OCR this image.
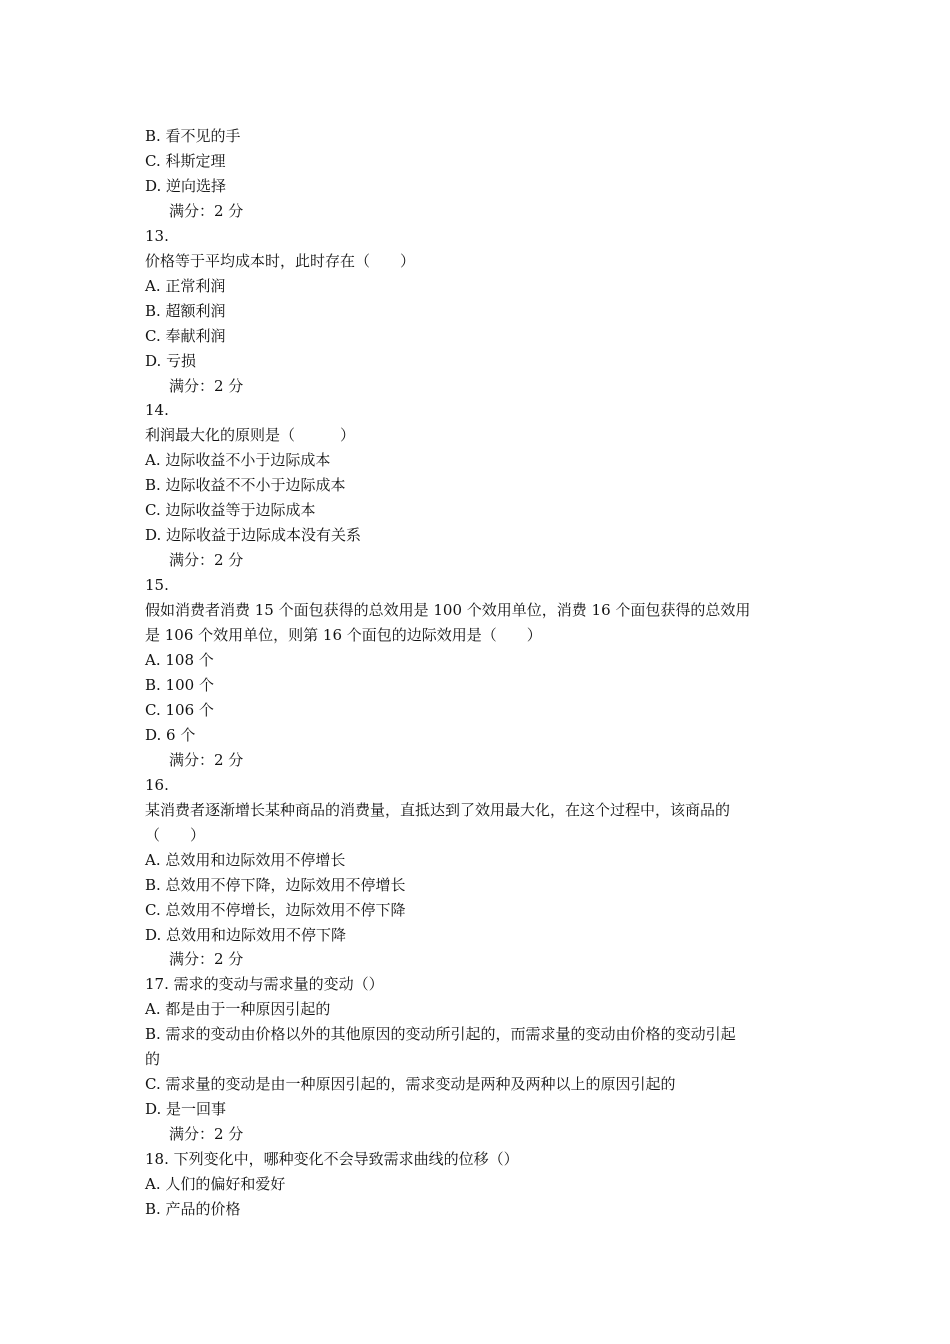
B. 看不见的手
C. 科斯定理
D. 逆向选择
满分：2 分
13.
价格等于平均成本时，此时存在（　　）
A. 正常利润
B. 超额利润
C. 奉献利润
D. 亏损
满分：2 分
14.
利润最大化的原则是（　　　）
A. 边际收益不小于边际成本
B. 边际收益不不小于边际成本
C. 边际收益等于边际成本
D. 边际收益于边际成本没有关系
满分：2 分
15.
假如消费者消费 15 个面包获得的总效用是 100 个效用单位，消费 16 个面包获得的总效用
是 106 个效用单位，则第 16 个面包的边际效用是（　　）
A. 108 个
B. 100 个
C. 106 个
D. 6 个
满分：2 分
16.
某消费者逐渐增长某种商品的消费量，直抵达到了效用最大化，在这个过程中，该商品的
（　　）
A. 总效用和边际效用不停增长
B. 总效用不停下降，边际效用不停增长
C. 总效用不停增长，边际效用不停下降
D. 总效用和边际效用不停下降
满分：2 分
17. 需求的变动与需求量的变动（）
A. 都是由于一种原因引起的
B. 需求的变动由价格以外的其他原因的变动所引起的，而需求量的变动由价格的变动引起
的
C. 需求量的变动是由一种原因引起的，需求变动是两种及两种以上的原因引起的
D. 是一回事
满分：2 分
18. 下列变化中，哪种变化不会导致需求曲线的位移（）
A. 人们的偏好和爱好
B. 产品的价格
